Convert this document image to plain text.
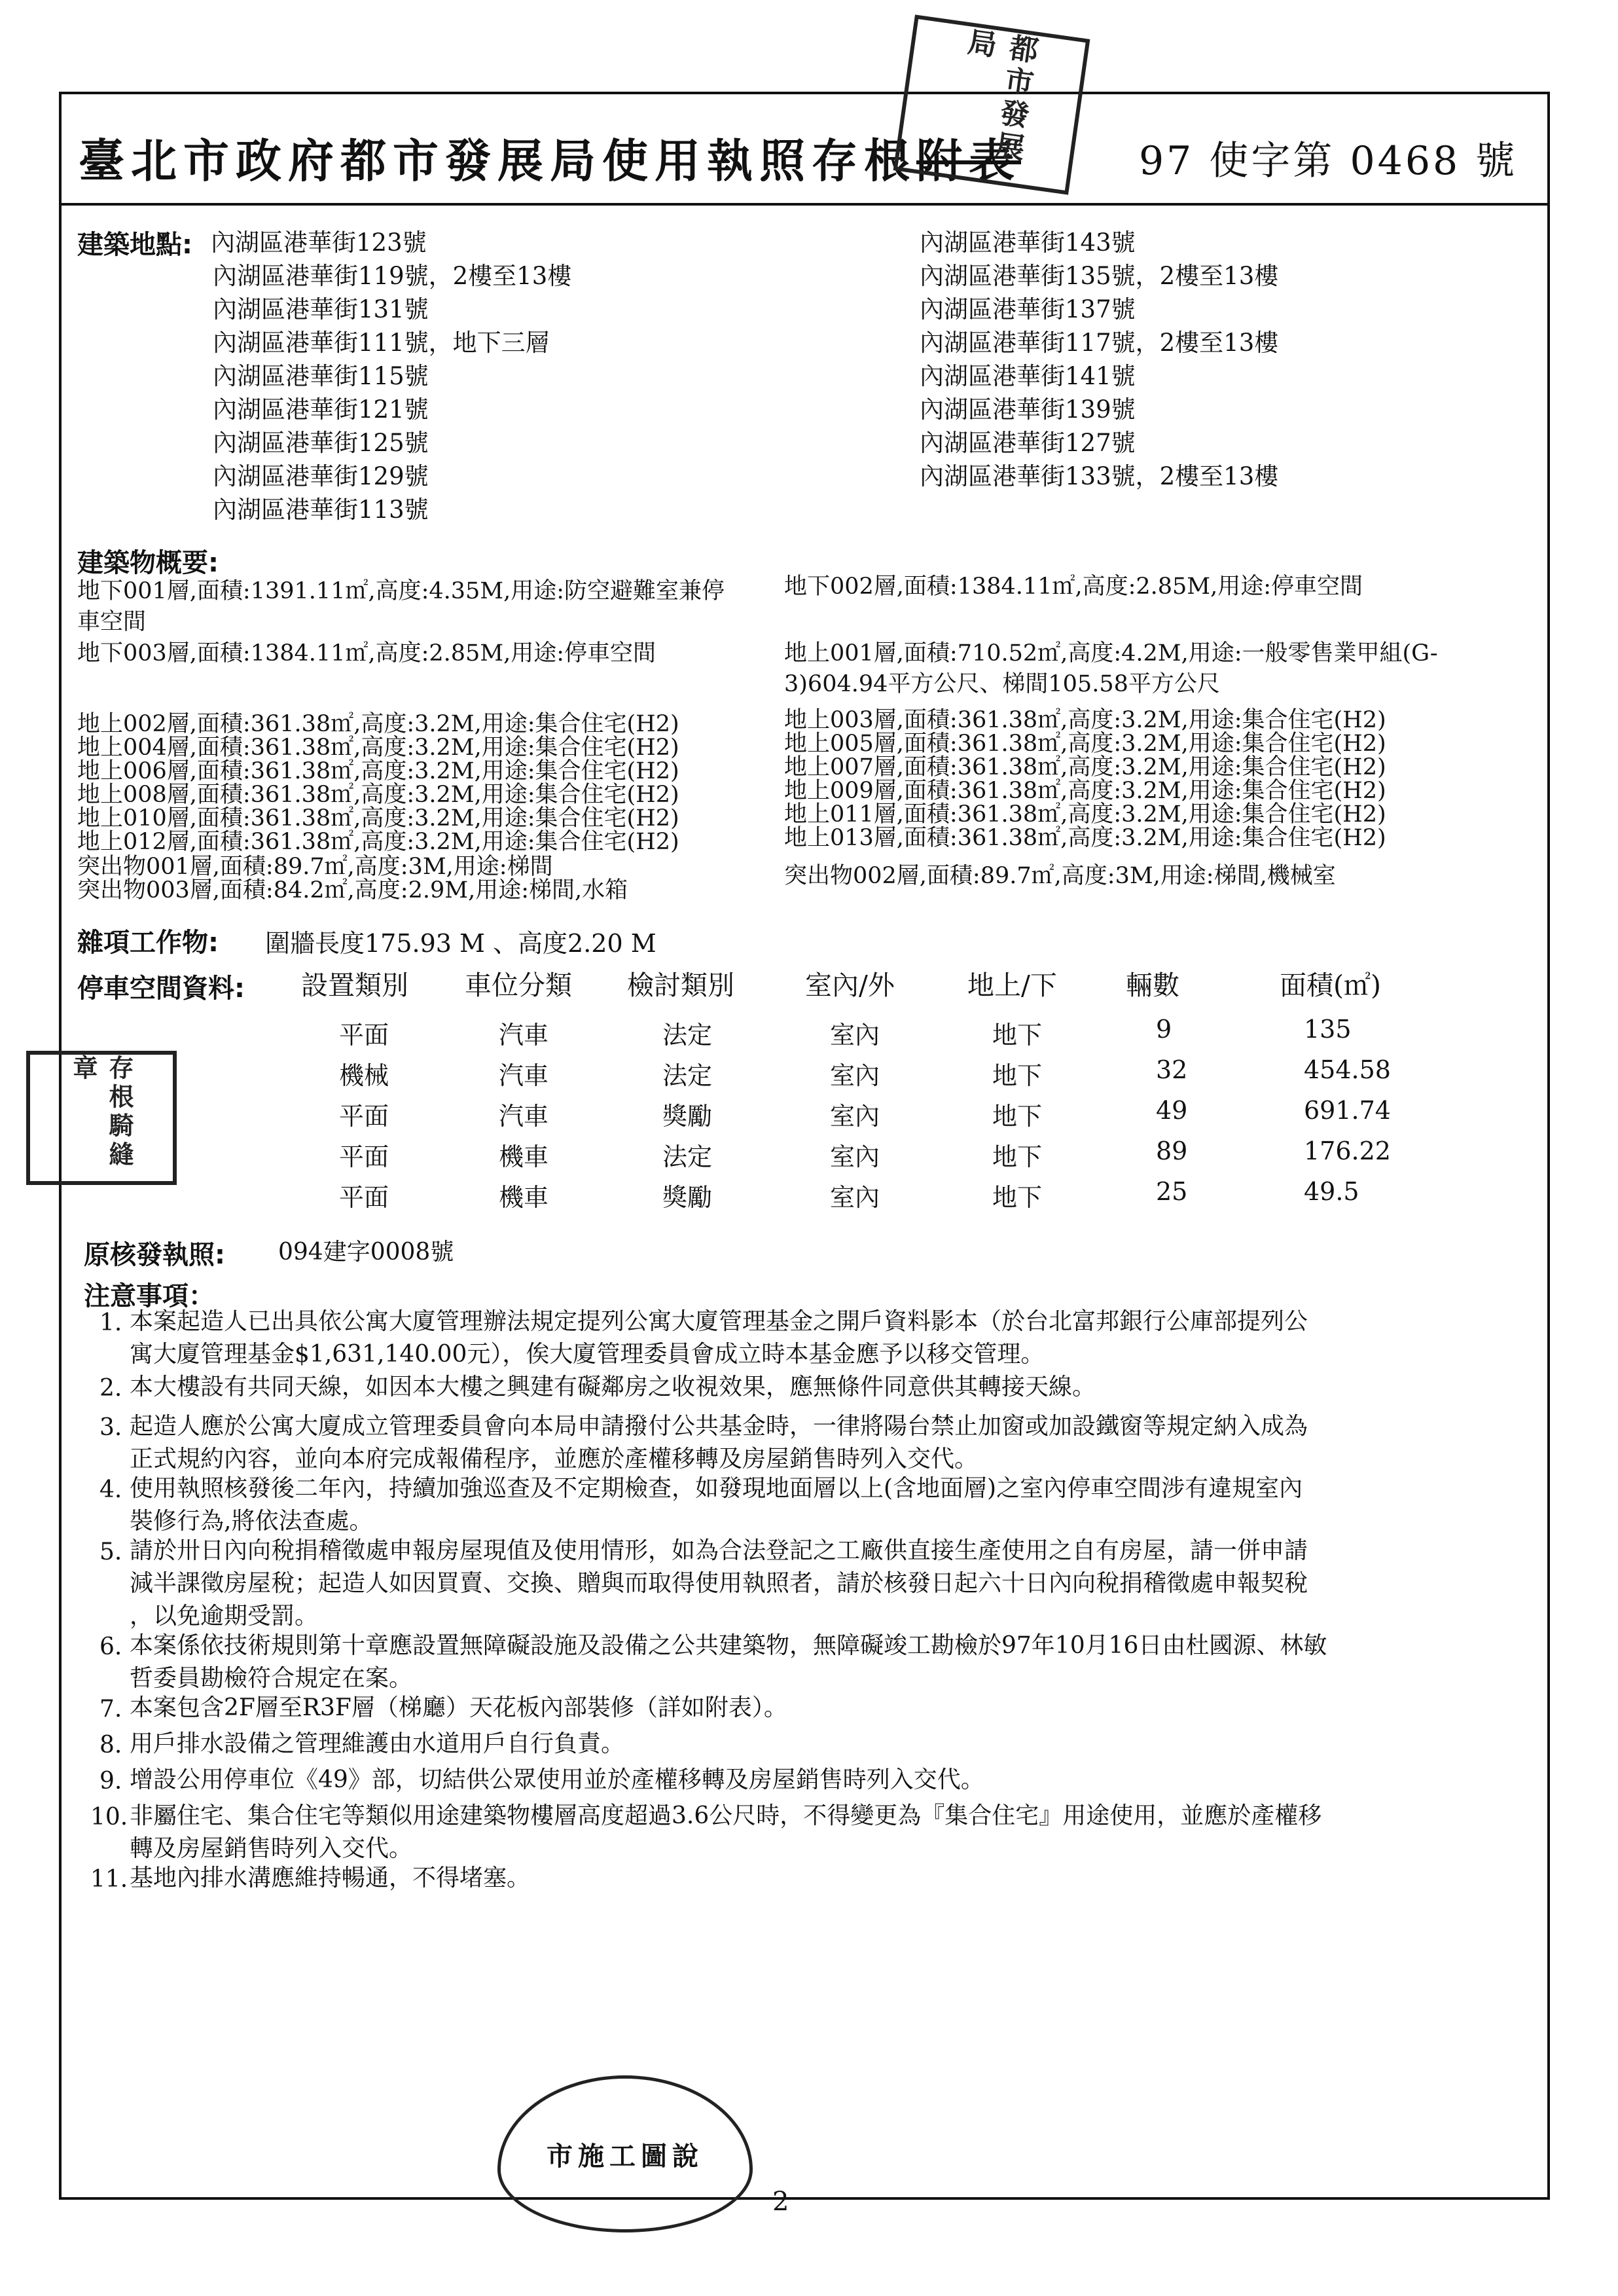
臺北市政府都市發展局使用執照存根附表	97 使字第 0468 號
都市發展局
存根騎縫章
市施工圖說
建築地點: 內湖區港華街123號
內湖區港華街119號，2樓至13樓
內湖區港華街131號
內湖區港華街111號，地下三層
內湖區港華街115號
內湖區港華街121號
內湖區港華街125號
內湖區港華街129號
內湖區港華街113號
內湖區港華街143號
內湖區港華街135號，2樓至13樓
內湖區港華街137號
內湖區港華街117號，2樓至13樓
內湖區港華街141號
內湖區港華街139號
內湖區港華街127號
內湖區港華街133號，2樓至13樓
建築物概要:
地下001層,面積:1391.11㎡,高度:4.35M,用途:防空避難室兼停
車空間
地下003層,面積:1384.11㎡,高度:2.85M,用途:停車空間
地上002層,面積:361.38㎡,高度:3.2M,用途:集合住宅(H2)
地上004層,面積:361.38㎡,高度:3.2M,用途:集合住宅(H2)
地上006層,面積:361.38㎡,高度:3.2M,用途:集合住宅(H2)
地上008層,面積:361.38㎡,高度:3.2M,用途:集合住宅(H2)
地上010層,面積:361.38㎡,高度:3.2M,用途:集合住宅(H2)
地上012層,面積:361.38㎡,高度:3.2M,用途:集合住宅(H2)
突出物001層,面積:89.7㎡,高度:3M,用途:梯間
突出物003層,面積:84.2㎡,高度:2.9M,用途:梯間,水箱
地下002層,面積:1384.11㎡,高度:2.85M,用途:停車空間
地上001層,面積:710.52㎡,高度:4.2M,用途:一般零售業甲組(G-
3)604.94平方公尺、梯間105.58平方公尺
地上003層,面積:361.38㎡,高度:3.2M,用途:集合住宅(H2)
地上005層,面積:361.38㎡,高度:3.2M,用途:集合住宅(H2)
地上007層,面積:361.38㎡,高度:3.2M,用途:集合住宅(H2)
地上009層,面積:361.38㎡,高度:3.2M,用途:集合住宅(H2)
地上011層,面積:361.38㎡,高度:3.2M,用途:集合住宅(H2)
地上013層,面積:361.38㎡,高度:3.2M,用途:集合住宅(H2)
突出物002層,面積:89.7㎡,高度:3M,用途:梯間,機械室
雜項工作物: 圍牆長度175.93 M 、高度2.20 M
停車空間資料: 設置類別 車位分類 檢討類別	室內/外	地上/下	輛數	面積(㎡)
平面	汽車	法定	室內	地下	9	135
機械	汽車	法定	室內	地下	32	454.58
平面	汽車	獎勵	室內	地下	49	691.74
平面	機車	法定	室內	地下	89	176.22
平面	機車	獎勵	室內	地下	25	49.5
原核發執照: 094建字0008號
注意事項：
1. 本案起造人已出具依公寓大廈管理辦法規定提列公寓大廈管理基金之開戶資料影本（於台北富邦銀行公庫部提列公
寓大廈管理基金$1,631,140.00元），俟大廈管理委員會成立時本基金應予以移交管理。
2. 本大樓設有共同天線，如因本大樓之興建有礙鄰房之收視效果，應無條件同意供其轉接天線。
3. 起造人應於公寓大廈成立管理委員會向本局申請撥付公共基金時，一律將陽台禁止加窗或加設鐵窗等規定納入成為
正式規約內容，並向本府完成報備程序，並應於產權移轉及房屋銷售時列入交代。
4. 使用執照核發後二年內，持續加強巡查及不定期檢查，如發現地面層以上(含地面層)之室內停車空間涉有違規室內
裝修行為,將依法查處。
5. 請於卅日內向稅捐稽徵處申報房屋現值及使用情形，如為合法登記之工廠供直接生產使用之自有房屋，請一併申請
減半課徵房屋稅；起造人如因買賣、交換、贈與而取得使用執照者，請於核發日起六十日內向稅捐稽徵處申報契稅
，以免逾期受罰。
6. 本案係依技術規則第十章應設置無障礙設施及設備之公共建築物，無障礙竣工勘檢於97年10月16日由杜國源、林敏
哲委員勘檢符合規定在案。
7. 本案包含2F層至R3F層（梯廳）天花板內部裝修（詳如附表）。
8. 用戶排水設備之管理維護由水道用戶自行負責。
9. 增設公用停車位《49》部，切結供公眾使用並於產權移轉及房屋銷售時列入交代。
10. 非屬住宅、集合住宅等類似用途建築物樓層高度超過3.6公尺時，不得變更為『集合住宅』用途使用，並應於產權移
轉及房屋銷售時列入交代。
11. 基地內排水溝應維持暢通，不得堵塞。
2
